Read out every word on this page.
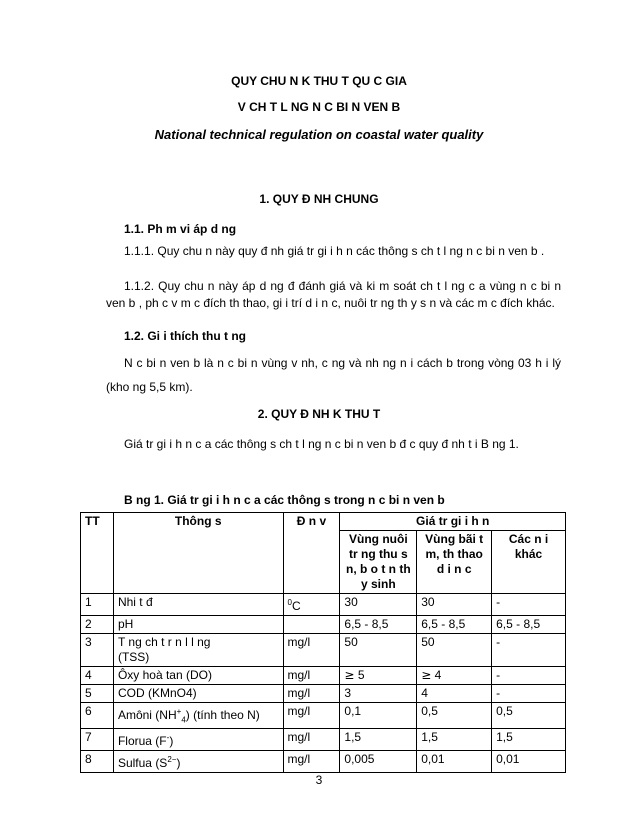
QUY CHU N K THU T QU C GIA
V CH T L NG N C BI N VEN B
National technical regulation on coastal water quality
1. QUY Đ NH CHUNG
1.1. Ph m vi áp d ng
1.1.1. Quy chu n này quy đ nh giá tr gi i h n các thông s ch t l ng n c bi n ven b .
1.1.2. Quy chu n này áp d ng đ đánh giá và ki m soát ch t l ng c a vùng n c bi n ven b , ph c v m c đích th thao, gi i trí d i n c, nuôi tr ng th y s n và các m c đích khác.
1.2. Gi i thích thu t ng
N c bi n ven b là n c bi n vùng v nh, c ng và nh ng n i cách b trong vòng 03 h i lý (kho ng 5,5 km).
2. QUY Đ NH K THU T
Giá tr gi i h n c a các thông s ch t l ng n c bi n ven b đ c quy đ nh t i B ng 1.
B ng 1. Giá tr gi i h n c a các thông s trong n c bi n ven b
TT	Thông s	Đ n v	Giá tr gi i h n		
			Vùng nuôi tr ng thu s n, b o t n th y sinh	Vùng bãi t m, th thao d i n c	Các n i khác
1	Nhi t đ	$^0$C	30	30	-
2	pH		6,5 - 8,5	6,5 - 8,5	6,5 - 8,5
3	T ng ch t r n l l ng
(TSS)	mg/l	50	50	-
4	Ôxy hoà tan (DO)	mg/l	≥ 5	≥ 4	-
5	COD (KMnO4)	mg/l	3	4	-
6	Amôni $(NH^+_4)$ (tính theo N)	mg/l	0,1	0,5	0,5
7	Florua (F-)	mg/l	1,5	1,5	1,5
8	Sulfua $(S^{2-})$	mg/l	0,005	0,01	0,01
3
